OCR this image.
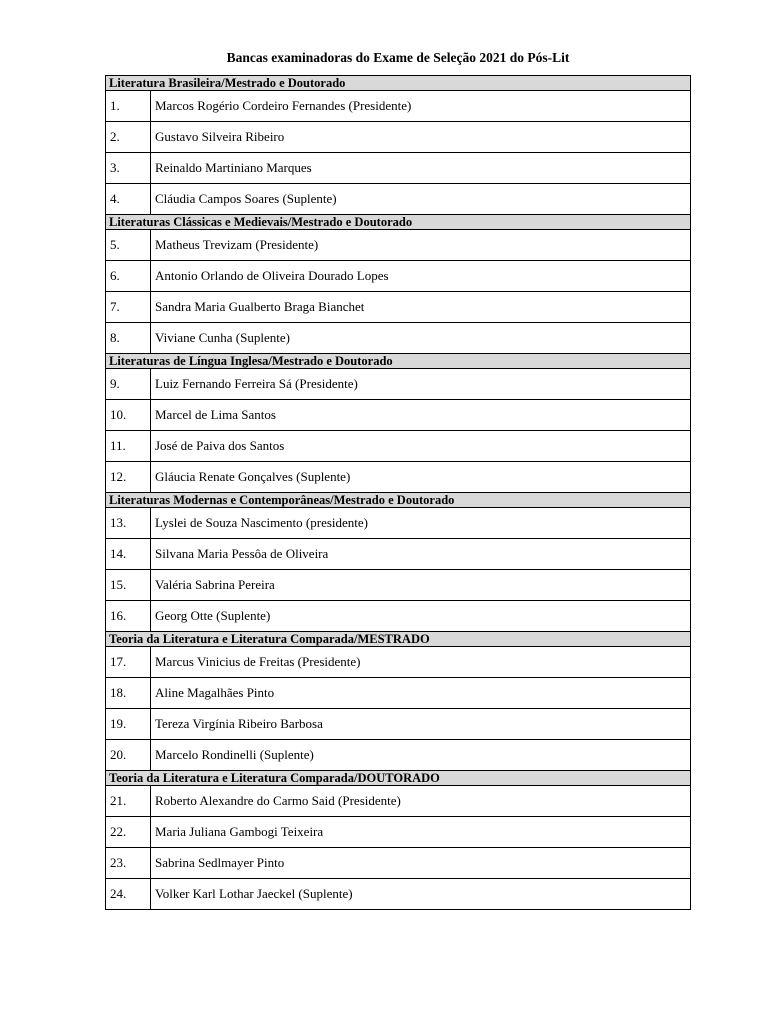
Bancas examinadoras do Exame de Seleção 2021 do Pós-Lit
Literatura Brasileira/Mestrado e Doutorado	
1.	Marcos Rogério Cordeiro Fernandes (Presidente)
2.	Gustavo Silveira Ribeiro
3.	Reinaldo Martiniano Marques
4.	Cláudia Campos Soares (Suplente)
Literaturas Clássicas e Medievais/Mestrado e Doutorado	
5.	Matheus Trevizam (Presidente)
6.	Antonio Orlando de Oliveira Dourado Lopes
7.	Sandra Maria Gualberto Braga Bianchet
8.	Viviane Cunha (Suplente)
Literaturas de Língua Inglesa/Mestrado e Doutorado	
9.	Luiz Fernando Ferreira Sá (Presidente)
10.	Marcel de Lima Santos
11.	José de Paiva dos Santos
12.	Gláucia Renate Gonçalves (Suplente)
Literaturas Modernas e Contemporâneas/Mestrado e Doutorado	
13.	Lyslei de Souza Nascimento (presidente)
14.	Silvana Maria Pessôa de Oliveira
15.	Valéria Sabrina Pereira
16.	Georg Otte (Suplente)
Teoria da Literatura e Literatura Comparada/MESTRADO	
17.	Marcus Vinicius de Freitas (Presidente)
18.	Aline Magalhães Pinto
19.	Tereza Virgínia Ribeiro Barbosa
20.	Marcelo Rondinelli (Suplente)
Teoria da Literatura e Literatura Comparada/DOUTORADO	
21.	Roberto Alexandre do Carmo Said (Presidente)
22.	Maria Juliana Gambogi Teixeira
23.	Sabrina Sedlmayer Pinto
24.	Volker Karl Lothar Jaeckel (Suplente)
